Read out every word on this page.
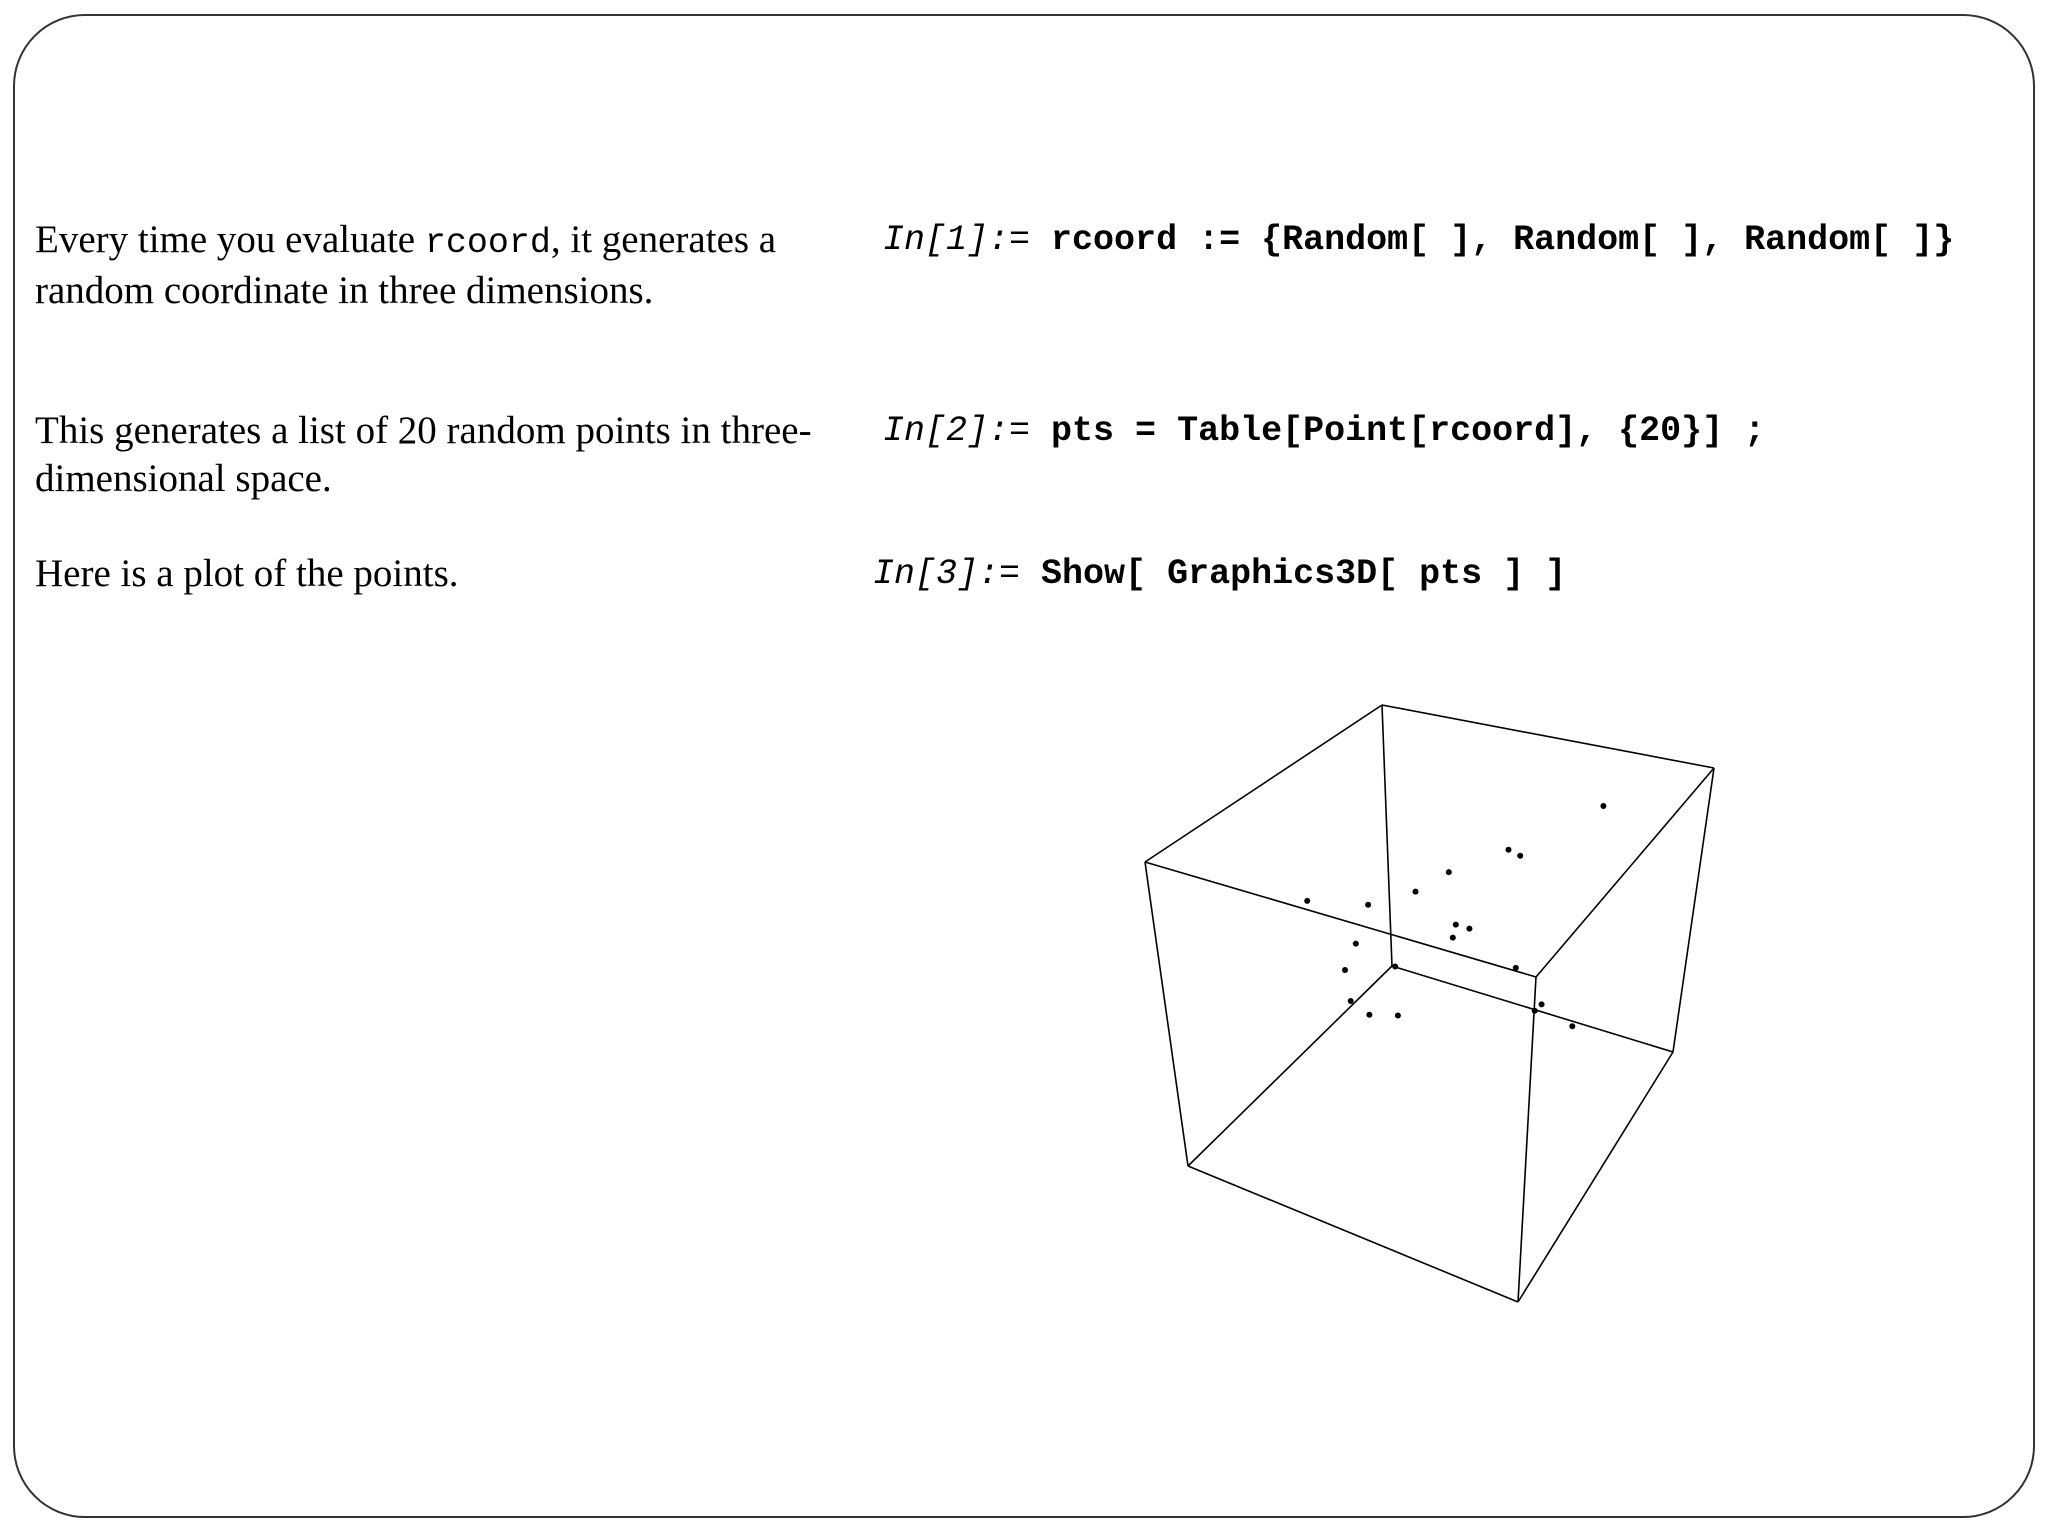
Every time you evaluate rcoord, it generates a random coordinate in three dimensions.
In[1]:= rcoord := {Random[ ], Random[ ], Random[ ]}
This generates a list of 20 random points in three-dimensional space.
In[2]:= pts = Table[Point[rcoord], {20}] ;
Here is a plot of the points.	In[3]:= Show[ Graphics3D[ pts ] ]
